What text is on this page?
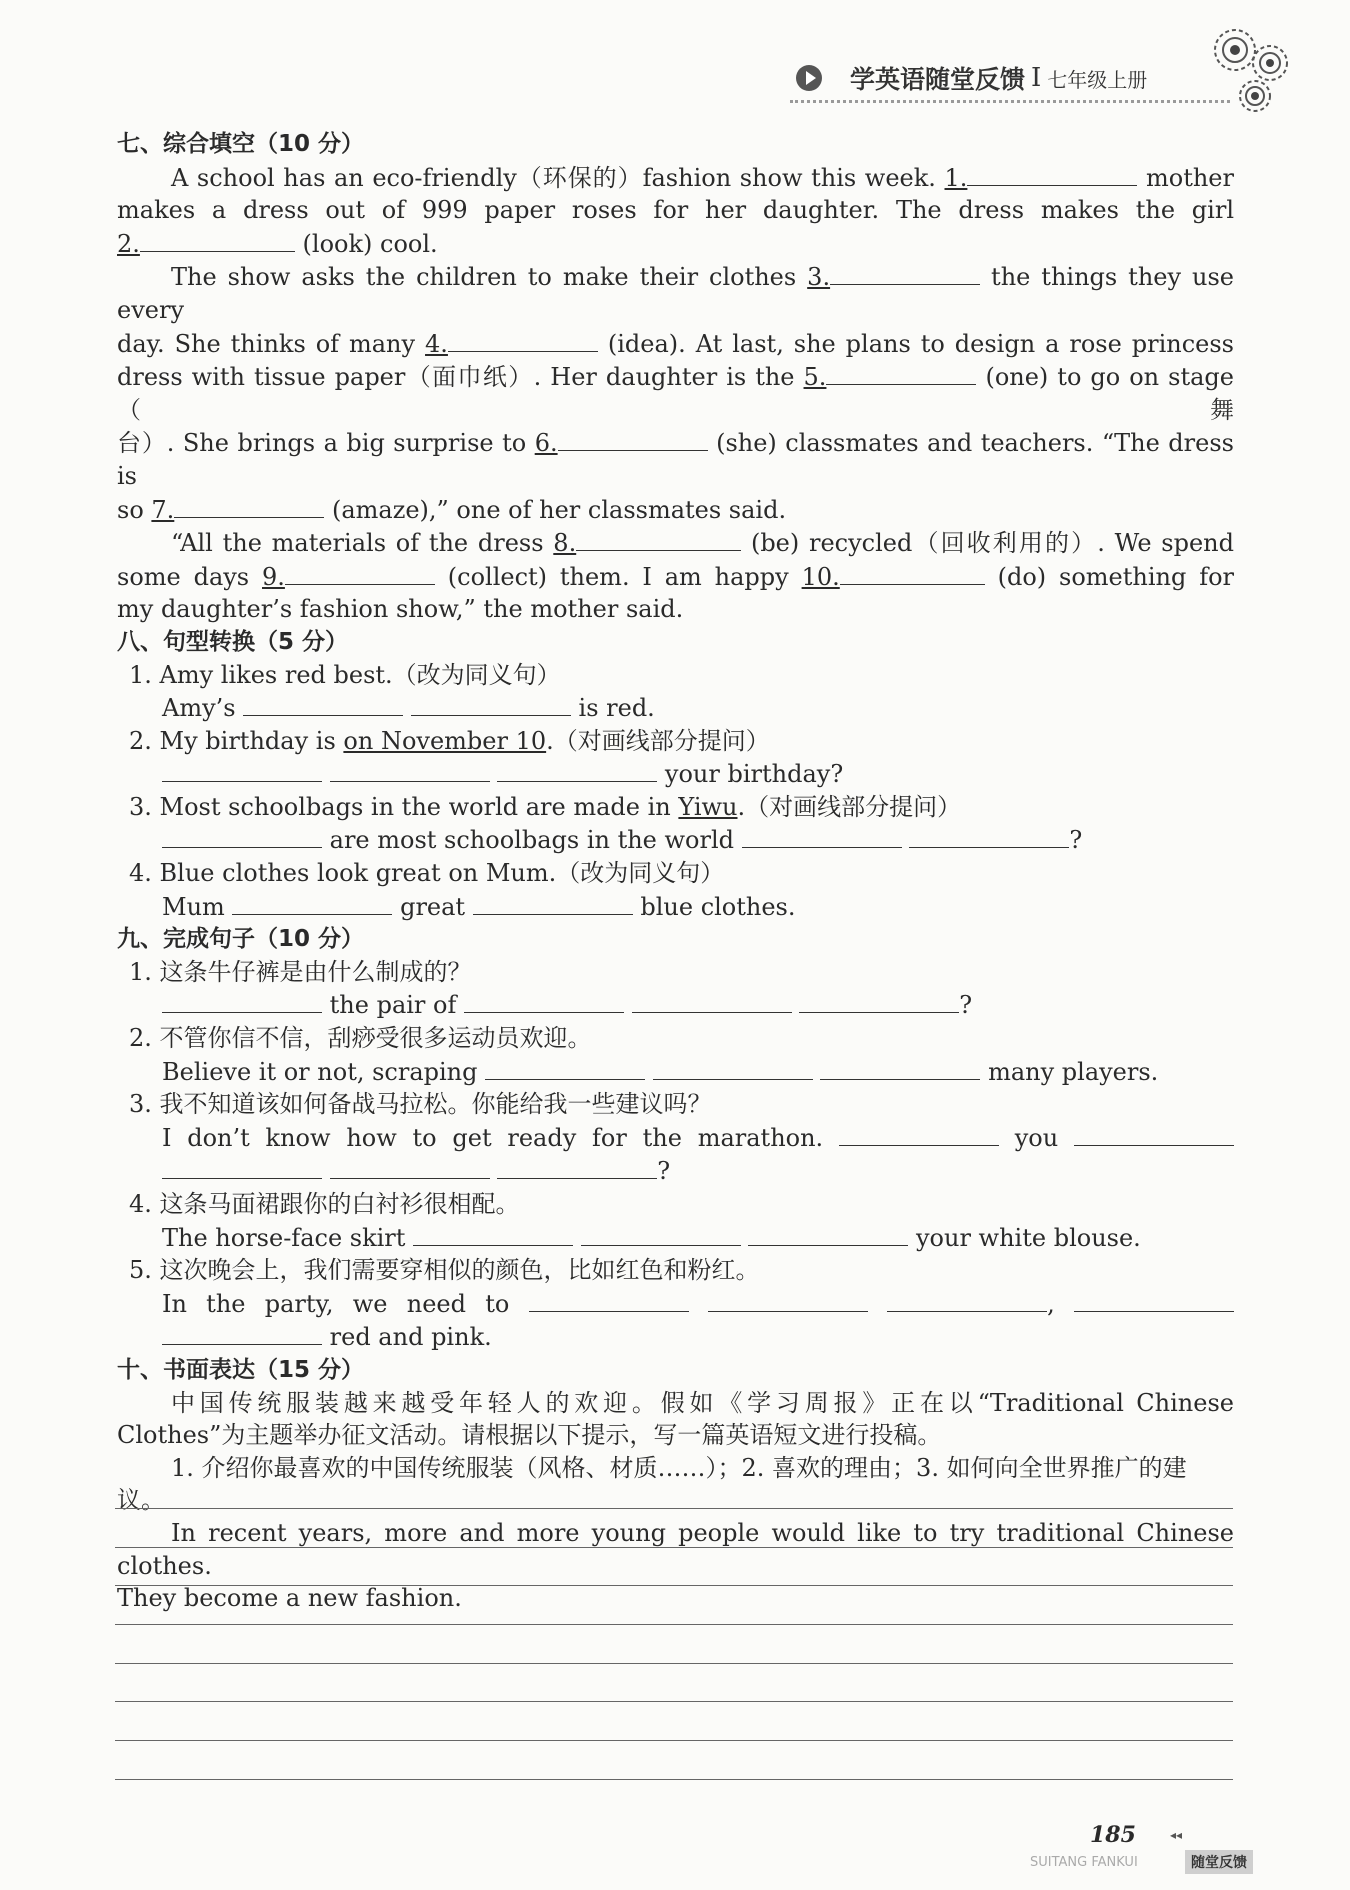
学英语随堂反馈 I 七年级上册

七、综合填空（10 分）

A school has an eco-friendly（环保的）fashion show this week. 1.	mother

makes a dress out of 999 paper roses for her daughter. The dress makes the girl

2.	(look) cool.

The show asks the children to make their clothes 3.	the things they use every

day. She thinks of many 4.	(idea). At last, she plans to design a rose princess

dress with tissue paper（面巾纸）. Her daughter is the 5.	(one) to go on stage（舞

台）. She brings a big surprise to 6.	(she) classmates and teachers. “The dress is

so 7.	(amaze),” one of her classmates said.

“All the materials of the dress 8.	(be) recycled（回收利用的）. We spend

some days 9.	(collect) them. I am happy 10.	(do) something for

my daughter’s fashion show,” the mother said.

八、句型转换（5 分）

1. Amy likes red best.（改为同义句）

Amy’s	is red.

2. My birthday is on November 10.（对画线部分提问）

your birthday?

3. Most schoolbags in the world are made in Yiwu.（对画线部分提问）

are most schoolbags in the world	?

4. Blue clothes look great on Mum.（改为同义句）

Mum	great	blue clothes.

九、完成句子（10 分）

1. 这条牛仔裤是由什么制成的？

the pair of	?

2. 不管你信不信，刮痧受很多运动员欢迎。

Believe it or not, scraping	many players.

3. 我不知道该如何备战马拉松。你能给我一些建议吗？

I don’t know how to get ready for the marathon.	you

?

4. 这条马面裙跟你的白衬衫很相配。

The horse-face skirt	your white blouse.

5. 这次晚会上，我们需要穿相似的颜色，比如红色和粉红。

In the party, we need to	,

red and pink.

十、书面表达（15 分）

中国传统服装越来越受年轻人的欢迎。假如《学习周报》正在以“Traditional Chinese

Clothes”为主题举办征文活动。请根据以下提示，写一篇英语短文进行投稿。

1. 介绍你最喜欢的中国传统服装（风格、材质……）；2. 喜欢的理由；3. 如何向全世界推广的建议。

In recent years, more and more young people would like to try traditional Chinese clothes.

They become a new fashion.

185	◂◂
SUITANG FANKUI	随堂反馈
